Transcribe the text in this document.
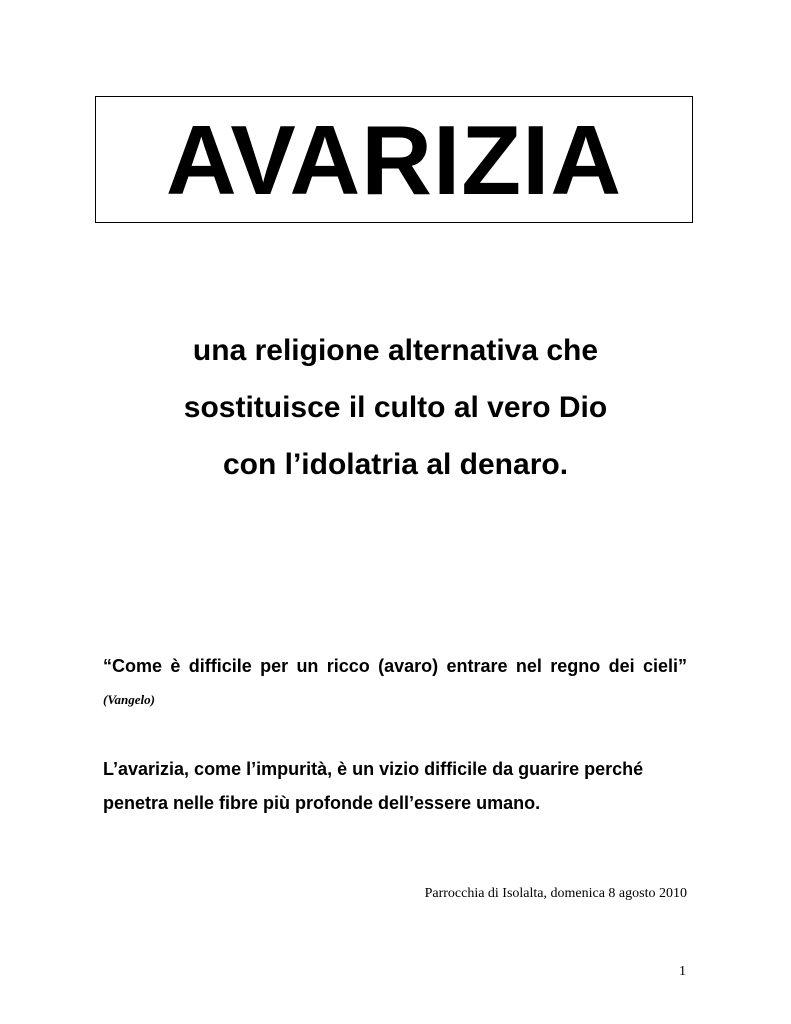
AVARIZIA
una religione alternativa che
sostituisce il culto al vero Dio
con l’idolatria al denaro.
“Come è difficile per un ricco (avaro) entrare nel regno dei cieli” (Vangelo)
L’avarizia, come l’impurità, è un vizio difficile da guarire perché penetra nelle fibre più profonde dell’essere umano.
Parrocchia di Isolalta, domenica 8 agosto 2010
1
